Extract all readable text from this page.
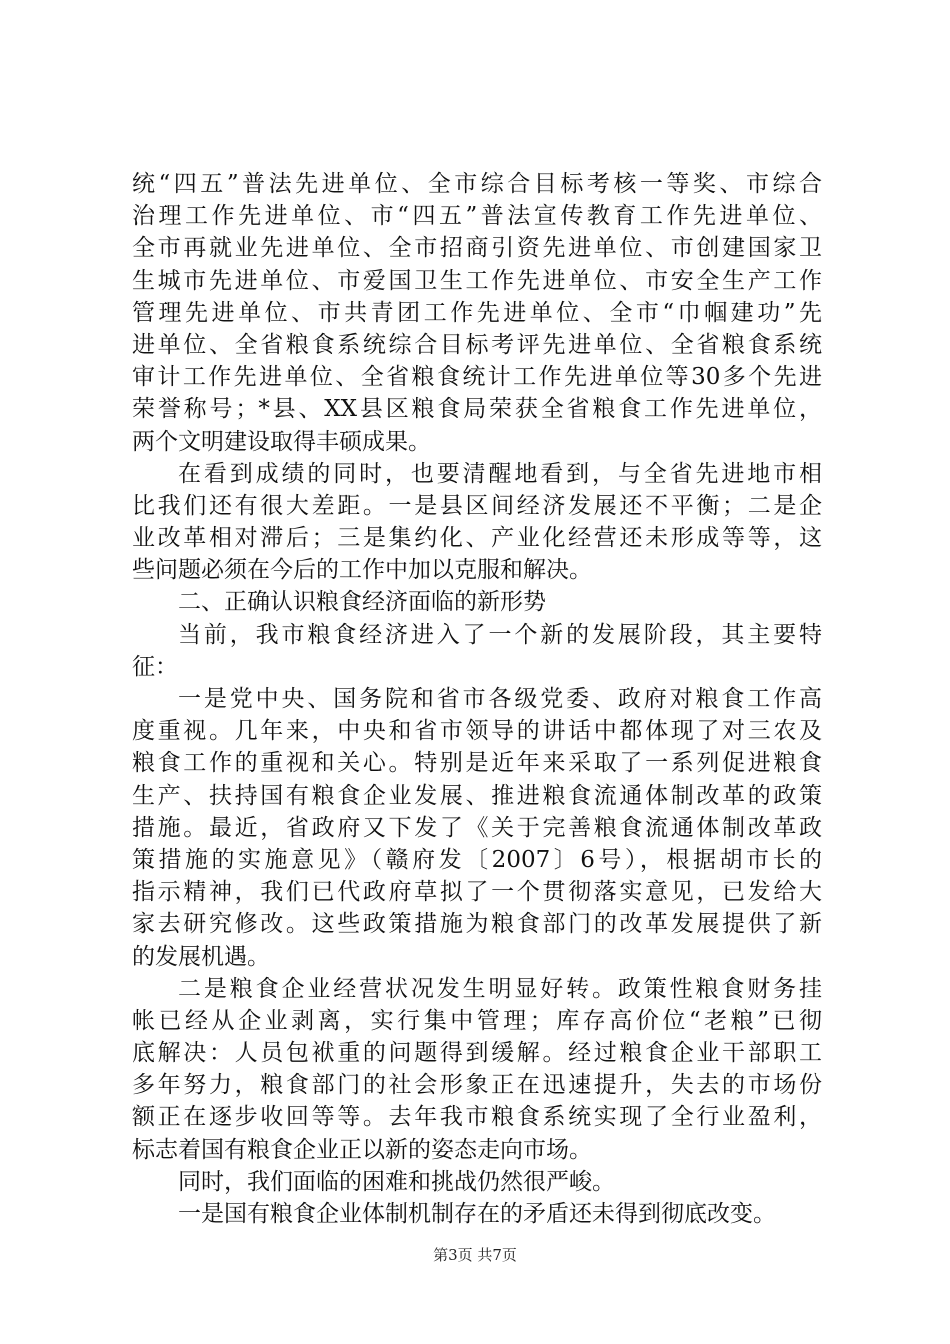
统“四五”普法先进单位、全市综合目标考核一等奖、市综合
治理工作先进单位、市“四五”普法宣传教育工作先进单位、
全市再就业先进单位、全市招商引资先进单位、市创建国家卫
生城市先进单位、市爱国卫生工作先进单位、市安全生产工作
管理先进单位、市共青团工作先进单位、全市“巾帼建功”先
进单位、全省粮食系统综合目标考评先进单位、全省粮食系统
审计工作先进单位、全省粮食统计工作先进单位等30多个先进
荣誉称号；*县、XX县区粮食局荣获全省粮食工作先进单位，
两个文明建设取得丰硕成果。
在看到成绩的同时，也要清醒地看到，与全省先进地市相
比我们还有很大差距。一是县区间经济发展还不平衡；二是企
业改革相对滞后；三是集约化、产业化经营还未形成等等，这
些问题必须在今后的工作中加以克服和解决。
二、正确认识粮食经济面临的新形势
当前，我市粮食经济进入了一个新的发展阶段，其主要特
征：
一是党中央、国务院和省市各级党委、政府对粮食工作高
度重视。几年来，中央和省市领导的讲话中都体现了对三农及
粮食工作的重视和关心。特别是近年来采取了一系列促进粮食
生产、扶持国有粮食企业发展、推进粮食流通体制改革的政策
措施。最近，省政府又下发了《关于完善粮食流通体制改革政
策措施的实施意见》（赣府发〔2007〕6号），根据胡市长的
指示精神，我们已代政府草拟了一个贯彻落实意见，已发给大
家去研究修改。这些政策措施为粮食部门的改革发展提供了新
的发展机遇。
二是粮食企业经营状况发生明显好转。政策性粮食财务挂
帐已经从企业剥离，实行集中管理；库存高价位“老粮”已彻
底解决：人员包袱重的问题得到缓解。经过粮食企业干部职工
多年努力，粮食部门的社会形象正在迅速提升，失去的市场份
额正在逐步收回等等。去年我市粮食系统实现了全行业盈利，
标志着国有粮食企业正以新的姿态走向市场。
同时，我们面临的困难和挑战仍然很严峻。
一是国有粮食企业体制机制存在的矛盾还未得到彻底改变。
第3页 共7页
